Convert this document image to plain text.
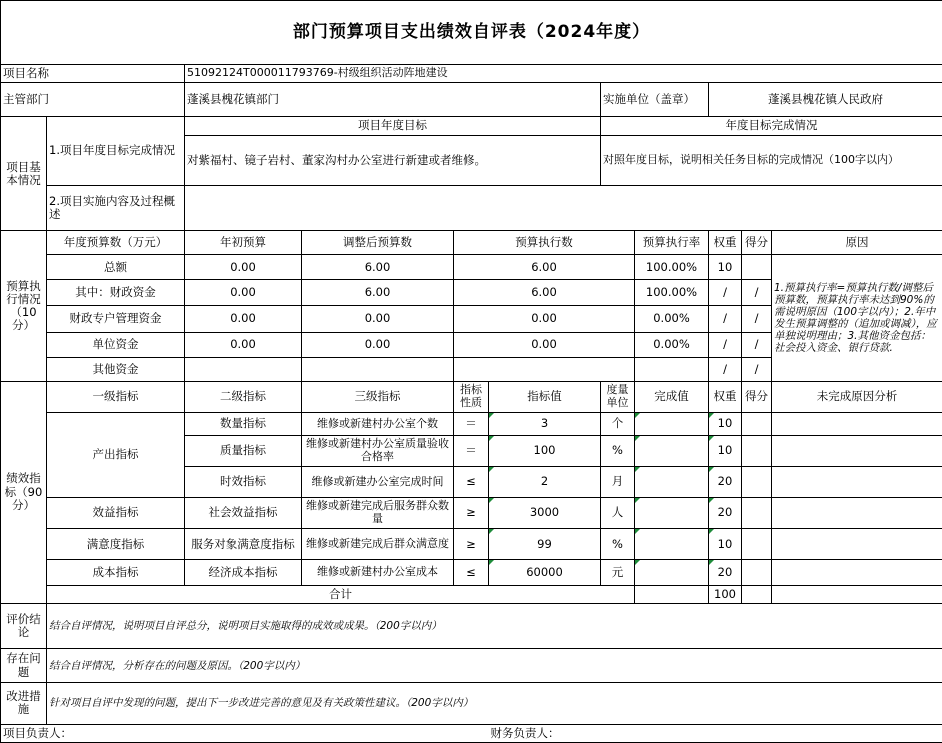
部门预算项目支出绩效自评表（2024年度）										
项目名称		51092124T000011793769-村级组织活动阵地建设								
主管部门		蓬溪县槐花镇部门				实施单位（盖章）		蓬溪县槐花镇人民政府		
项目基本情况	1.项目年度目标完成情况	项目年度目标				年度目标完成情况				
		对紫福村、镜子岩村、董家沟村办公室进行新建或者维修。				对照年度目标，说明相关任务目标的完成情况（100字以内）				
	2.项目实施内容及过程概述									

预算执行情况（10分）	年度预算数（万元）	年初预算	调整后预算数	预算执行数			预算执行率	权重	得分	原因
	总额	0.00	6.00	6.00			100.00%	10		1.预算执行率=预算执行数/调整后预算数，预算执行率未达到90%的需说明原因（100字以内）；2.年中发生预算调整的（追加或调减），应单独说明理由；3.其他资金包括：社会投入资金、银行贷款.
	其中：财政资金	0.00	6.00	6.00			100.00%	/	/	
	财政专户管理资金	0.00	0.00	0.00			0.00%	/	/	
	单位资金	0.00	0.00	0.00			0.00%	/	/	
	其他资金							/	/	
绩效指标（90分）	一级指标	二级指标	三级指标	指标性质	指标值	度量单位	完成值	权重	得分	未完成原因分析
	产出指标	数量指标	维修或新建村办公室个数	＝	3	个		10		
		质量指标	维修或新建村办公室质量验收合格率	＝	100	%		10		
		时效指标	维修或新建办公室完成时间	≤	2	月		20		
	效益指标	社会效益指标	维修或新建完成后服务群众数量	≥	3000	人		20		
	满意度指标	服务对象满意度指标	维修或新建完成后群众满意度	≥	99	%		10		
	成本指标	经济成本指标	维修或新建村办公室成本	≤	60000	元		20		
	合计							100		
评价结论	结合自评情况，说明项目自评总分，说明项目实施取得的成效或成果。（200字以内）									
存在问题	结合自评情况，分析存在的问题及原因。（200字以内）									
改进措施	针对项目自评中发现的问题，提出下一步改进完善的意见及有关政策性建议。（200字以内）									
项目负责人：					财务负责人：					
